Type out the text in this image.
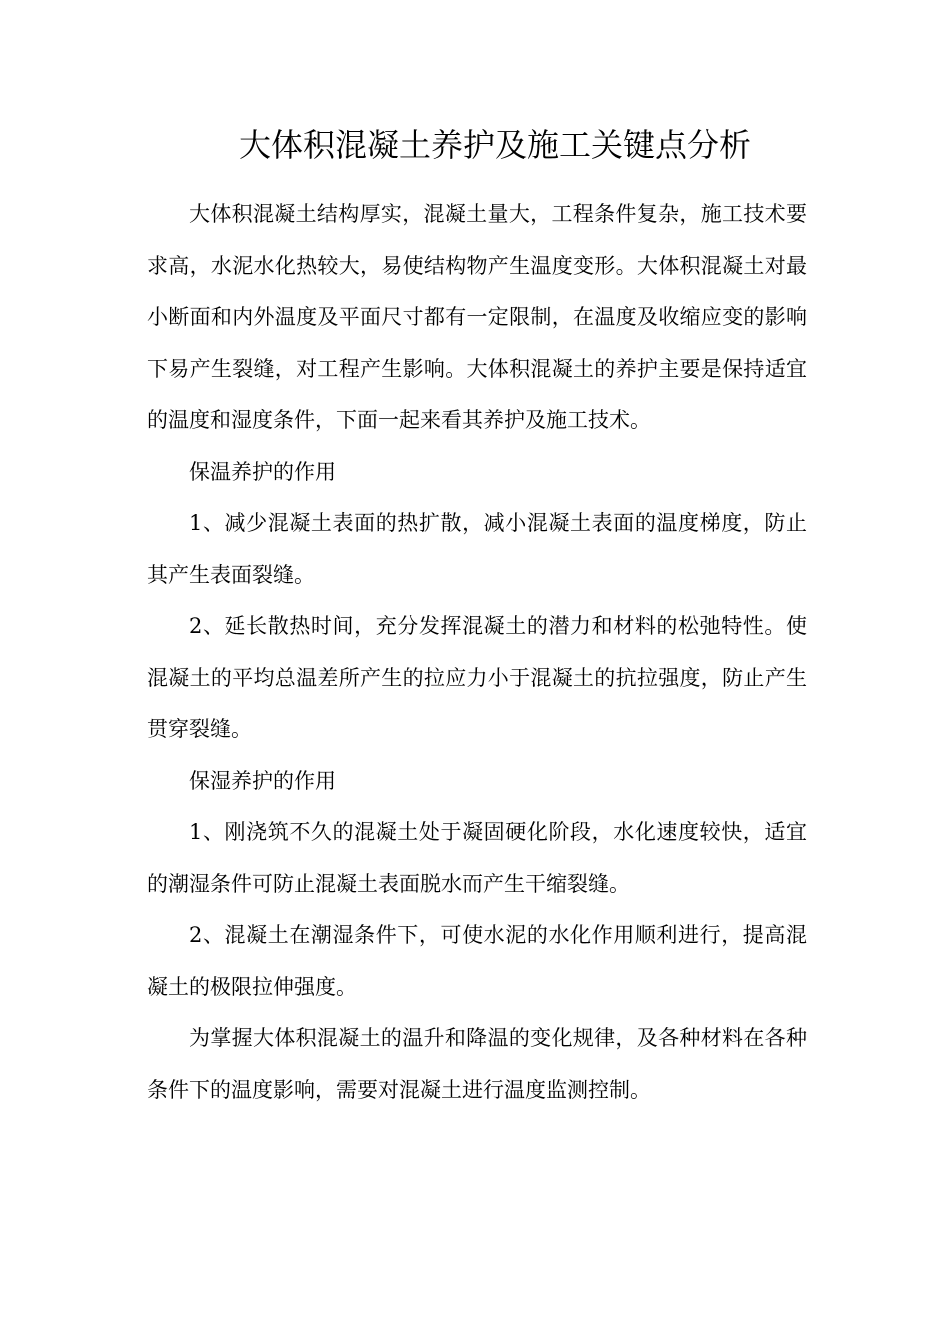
大体积混凝土养护及施工关键点分析

大体积混凝土结构厚实，混凝土量大，工程条件复杂，施工技术要求高，水泥水化热较大，易使结构物产生温度变形。大体积混凝土对最小断面和内外温度及平面尺寸都有一定限制，在温度及收缩应变的影响下易产生裂缝，对工程产生影响。大体积混凝土的养护主要是保持适宜的温度和湿度条件，下面一起来看其养护及施工技术。

保温养护的作用

1、减少混凝土表面的热扩散，减小混凝土表面的温度梯度，防止其产生表面裂缝。

2、延长散热时间，充分发挥混凝土的潜力和材料的松弛特性。使混凝土的平均总温差所产生的拉应力小于混凝土的抗拉强度，防止产生贯穿裂缝。

保湿养护的作用

1、刚浇筑不久的混凝土处于凝固硬化阶段，水化速度较快，适宜的潮湿条件可防止混凝土表面脱水而产生干缩裂缝。

2、混凝土在潮湿条件下，可使水泥的水化作用顺利进行，提高混凝土的极限拉伸强度。

为掌握大体积混凝土的温升和降温的变化规律，及各种材料在各种条件下的温度影响，需要对混凝土进行温度监测控制。
